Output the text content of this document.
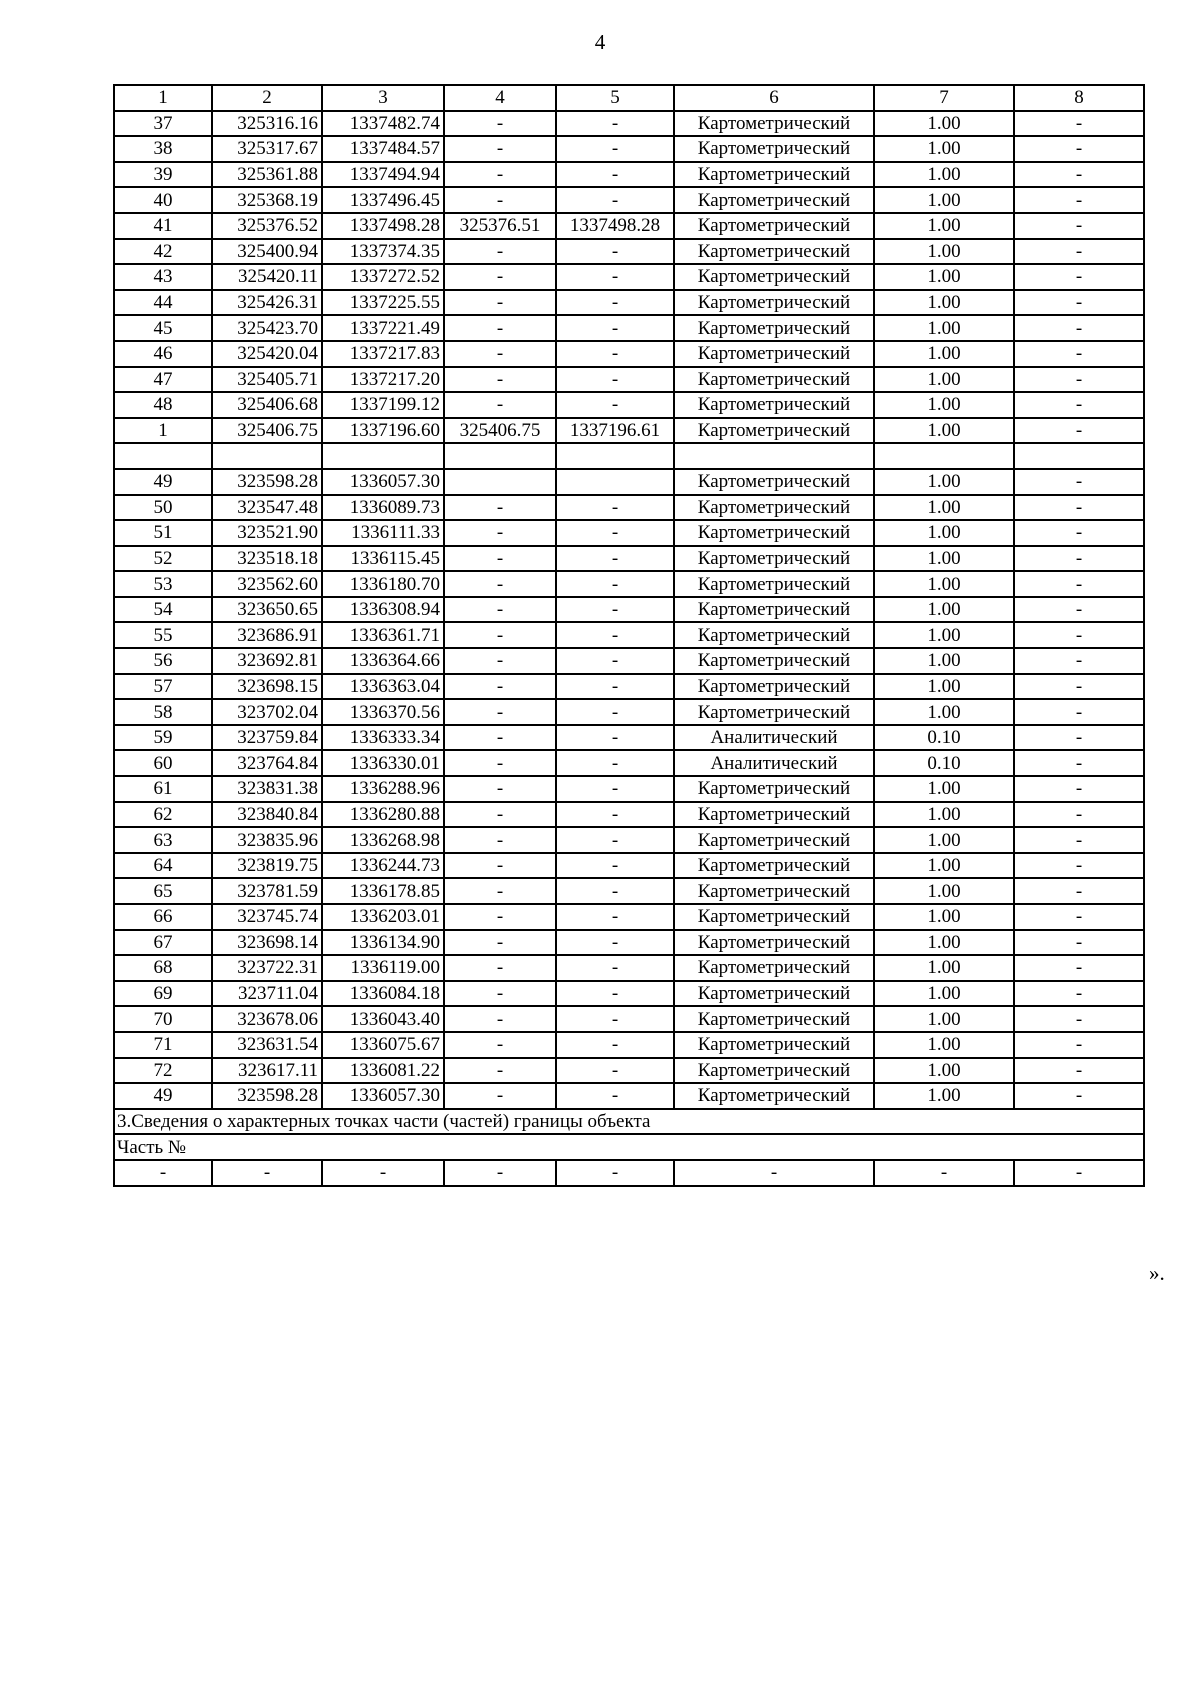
4
1	2	3	4	5	6	7	8
37	325316.16	1337482.74	-	-	Картометрический	1.00	-
38	325317.67	1337484.57	-	-	Картометрический	1.00	-
39	325361.88	1337494.94	-	-	Картометрический	1.00	-
40	325368.19	1337496.45	-	-	Картометрический	1.00	-
41	325376.52	1337498.28	325376.51	1337498.28	Картометрический	1.00	-
42	325400.94	1337374.35	-	-	Картометрический	1.00	-
43	325420.11	1337272.52	-	-	Картометрический	1.00	-
44	325426.31	1337225.55	-	-	Картометрический	1.00	-
45	325423.70	1337221.49	-	-	Картометрический	1.00	-
46	325420.04	1337217.83	-	-	Картометрический	1.00	-
47	325405.71	1337217.20	-	-	Картометрический	1.00	-
48	325406.68	1337199.12	-	-	Картометрический	1.00	-
1	325406.75	1337196.60	325406.75	1337196.61	Картометрический	1.00	-

49	323598.28	1336057.30			Картометрический	1.00	-
50	323547.48	1336089.73	-	-	Картометрический	1.00	-
51	323521.90	1336111.33	-	-	Картометрический	1.00	-
52	323518.18	1336115.45	-	-	Картометрический	1.00	-
53	323562.60	1336180.70	-	-	Картометрический	1.00	-
54	323650.65	1336308.94	-	-	Картометрический	1.00	-
55	323686.91	1336361.71	-	-	Картометрический	1.00	-
56	323692.81	1336364.66	-	-	Картометрический	1.00	-
57	323698.15	1336363.04	-	-	Картометрический	1.00	-
58	323702.04	1336370.56	-	-	Картометрический	1.00	-
59	323759.84	1336333.34	-	-	Аналитический	0.10	-
60	323764.84	1336330.01	-	-	Аналитический	0.10	-
61	323831.38	1336288.96	-	-	Картометрический	1.00	-
62	323840.84	1336280.88	-	-	Картометрический	1.00	-
63	323835.96	1336268.98	-	-	Картометрический	1.00	-
64	323819.75	1336244.73	-	-	Картометрический	1.00	-
65	323781.59	1336178.85	-	-	Картометрический	1.00	-
66	323745.74	1336203.01	-	-	Картометрический	1.00	-
67	323698.14	1336134.90	-	-	Картометрический	1.00	-
68	323722.31	1336119.00	-	-	Картометрический	1.00	-
69	323711.04	1336084.18	-	-	Картометрический	1.00	-
70	323678.06	1336043.40	-	-	Картометрический	1.00	-
71	323631.54	1336075.67	-	-	Картометрический	1.00	-
72	323617.11	1336081.22	-	-	Картометрический	1.00	-
49	323598.28	1336057.30	-	-	Картометрический	1.00	-
3.Сведения о характерных точках части (частей) границы объекта							
Часть №							
-	-	-	-	-	-	-	-
».
